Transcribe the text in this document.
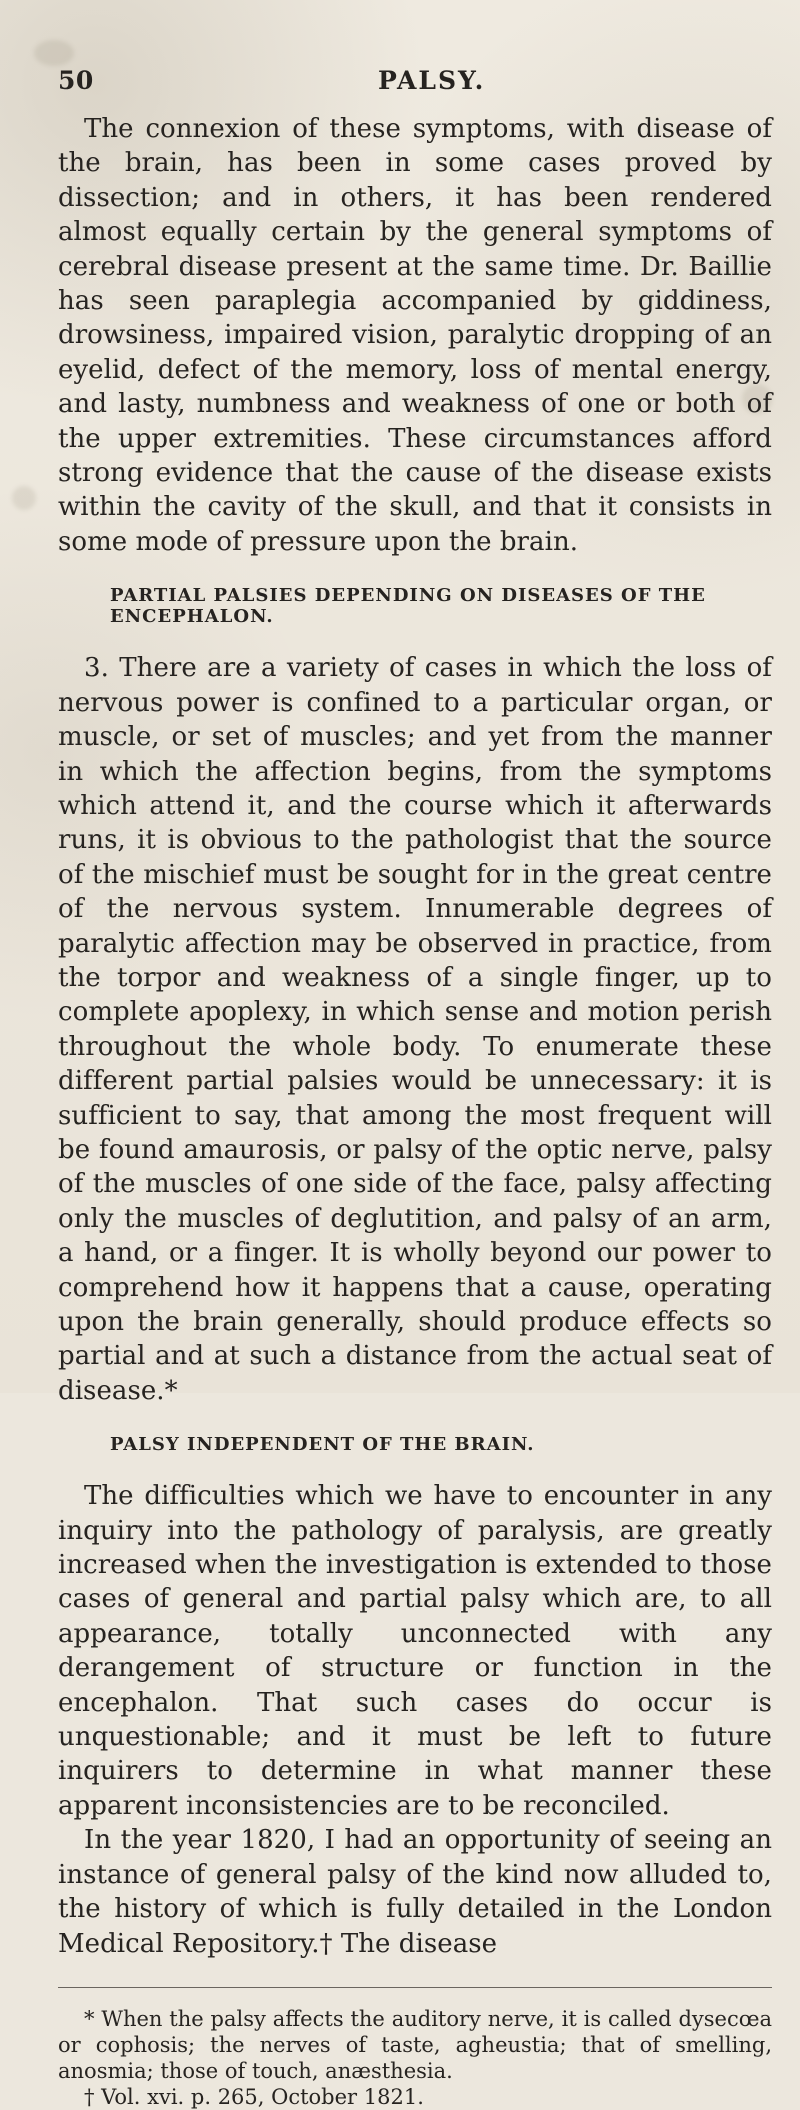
50	PALSY.

The connexion of these symptoms, with disease of the brain, has been in some cases proved by dissection; and in others, it has been rendered almost equally certain by the general symptoms of cerebral disease present at the same time. Dr. Baillie has seen paraplegia accompanied by giddiness, drowsiness, impaired vision, paralytic dropping of an eyelid, defect of the memory, loss of mental energy, and lasty, numbness and weakness of one or both of the upper extremities. These circumstances afford strong evidence that the cause of the disease exists within the cavity of the skull, and that it consists in some mode of pressure upon the brain.

PARTIAL PALSIES DEPENDING ON DISEASES OF THE ENCEPHALON.

3. There are a variety of cases in which the loss of nervous power is confined to a particular organ, or muscle, or set of muscles; and yet from the manner in which the affection begins, from the symptoms which attend it, and the course which it afterwards runs, it is obvious to the pathologist that the source of the mischief must be sought for in the great centre of the nervous system. Innumerable degrees of paralytic affection may be observed in practice, from the torpor and weakness of a single finger, up to complete apoplexy, in which sense and motion perish throughout the whole body. To enumerate these different partial palsies would be unnecessary: it is sufficient to say, that among the most frequent will be found amaurosis, or palsy of the optic nerve, palsy of the muscles of one side of the face, palsy affecting only the muscles of deglutition, and palsy of an arm, a hand, or a finger. It is wholly beyond our power to comprehend how it happens that a cause, operating upon the brain generally, should produce effects so partial and at such a distance from the actual seat of disease.*

PALSY INDEPENDENT OF THE BRAIN.

The difficulties which we have to encounter in any inquiry into the pathology of paralysis, are greatly increased when the investigation is extended to those cases of general and partial palsy which are, to all appearance, totally unconnected with any derangement of structure or function in the encephalon. That such cases do occur is unquestionable; and it must be left to future inquirers to determine in what manner these apparent inconsistencies are to be reconciled.

In the year 1820, I had an opportunity of seeing an instance of general palsy of the kind now alluded to, the history of which is fully detailed in the London Medical Repository.† The disease

* When the palsy affects the auditory nerve, it is called dysecœa or cophosis; the nerves of taste, agheustia; that of smelling, anosmia; those of touch, anæsthesia.

† Vol. xvi. p. 265, October 1821.
